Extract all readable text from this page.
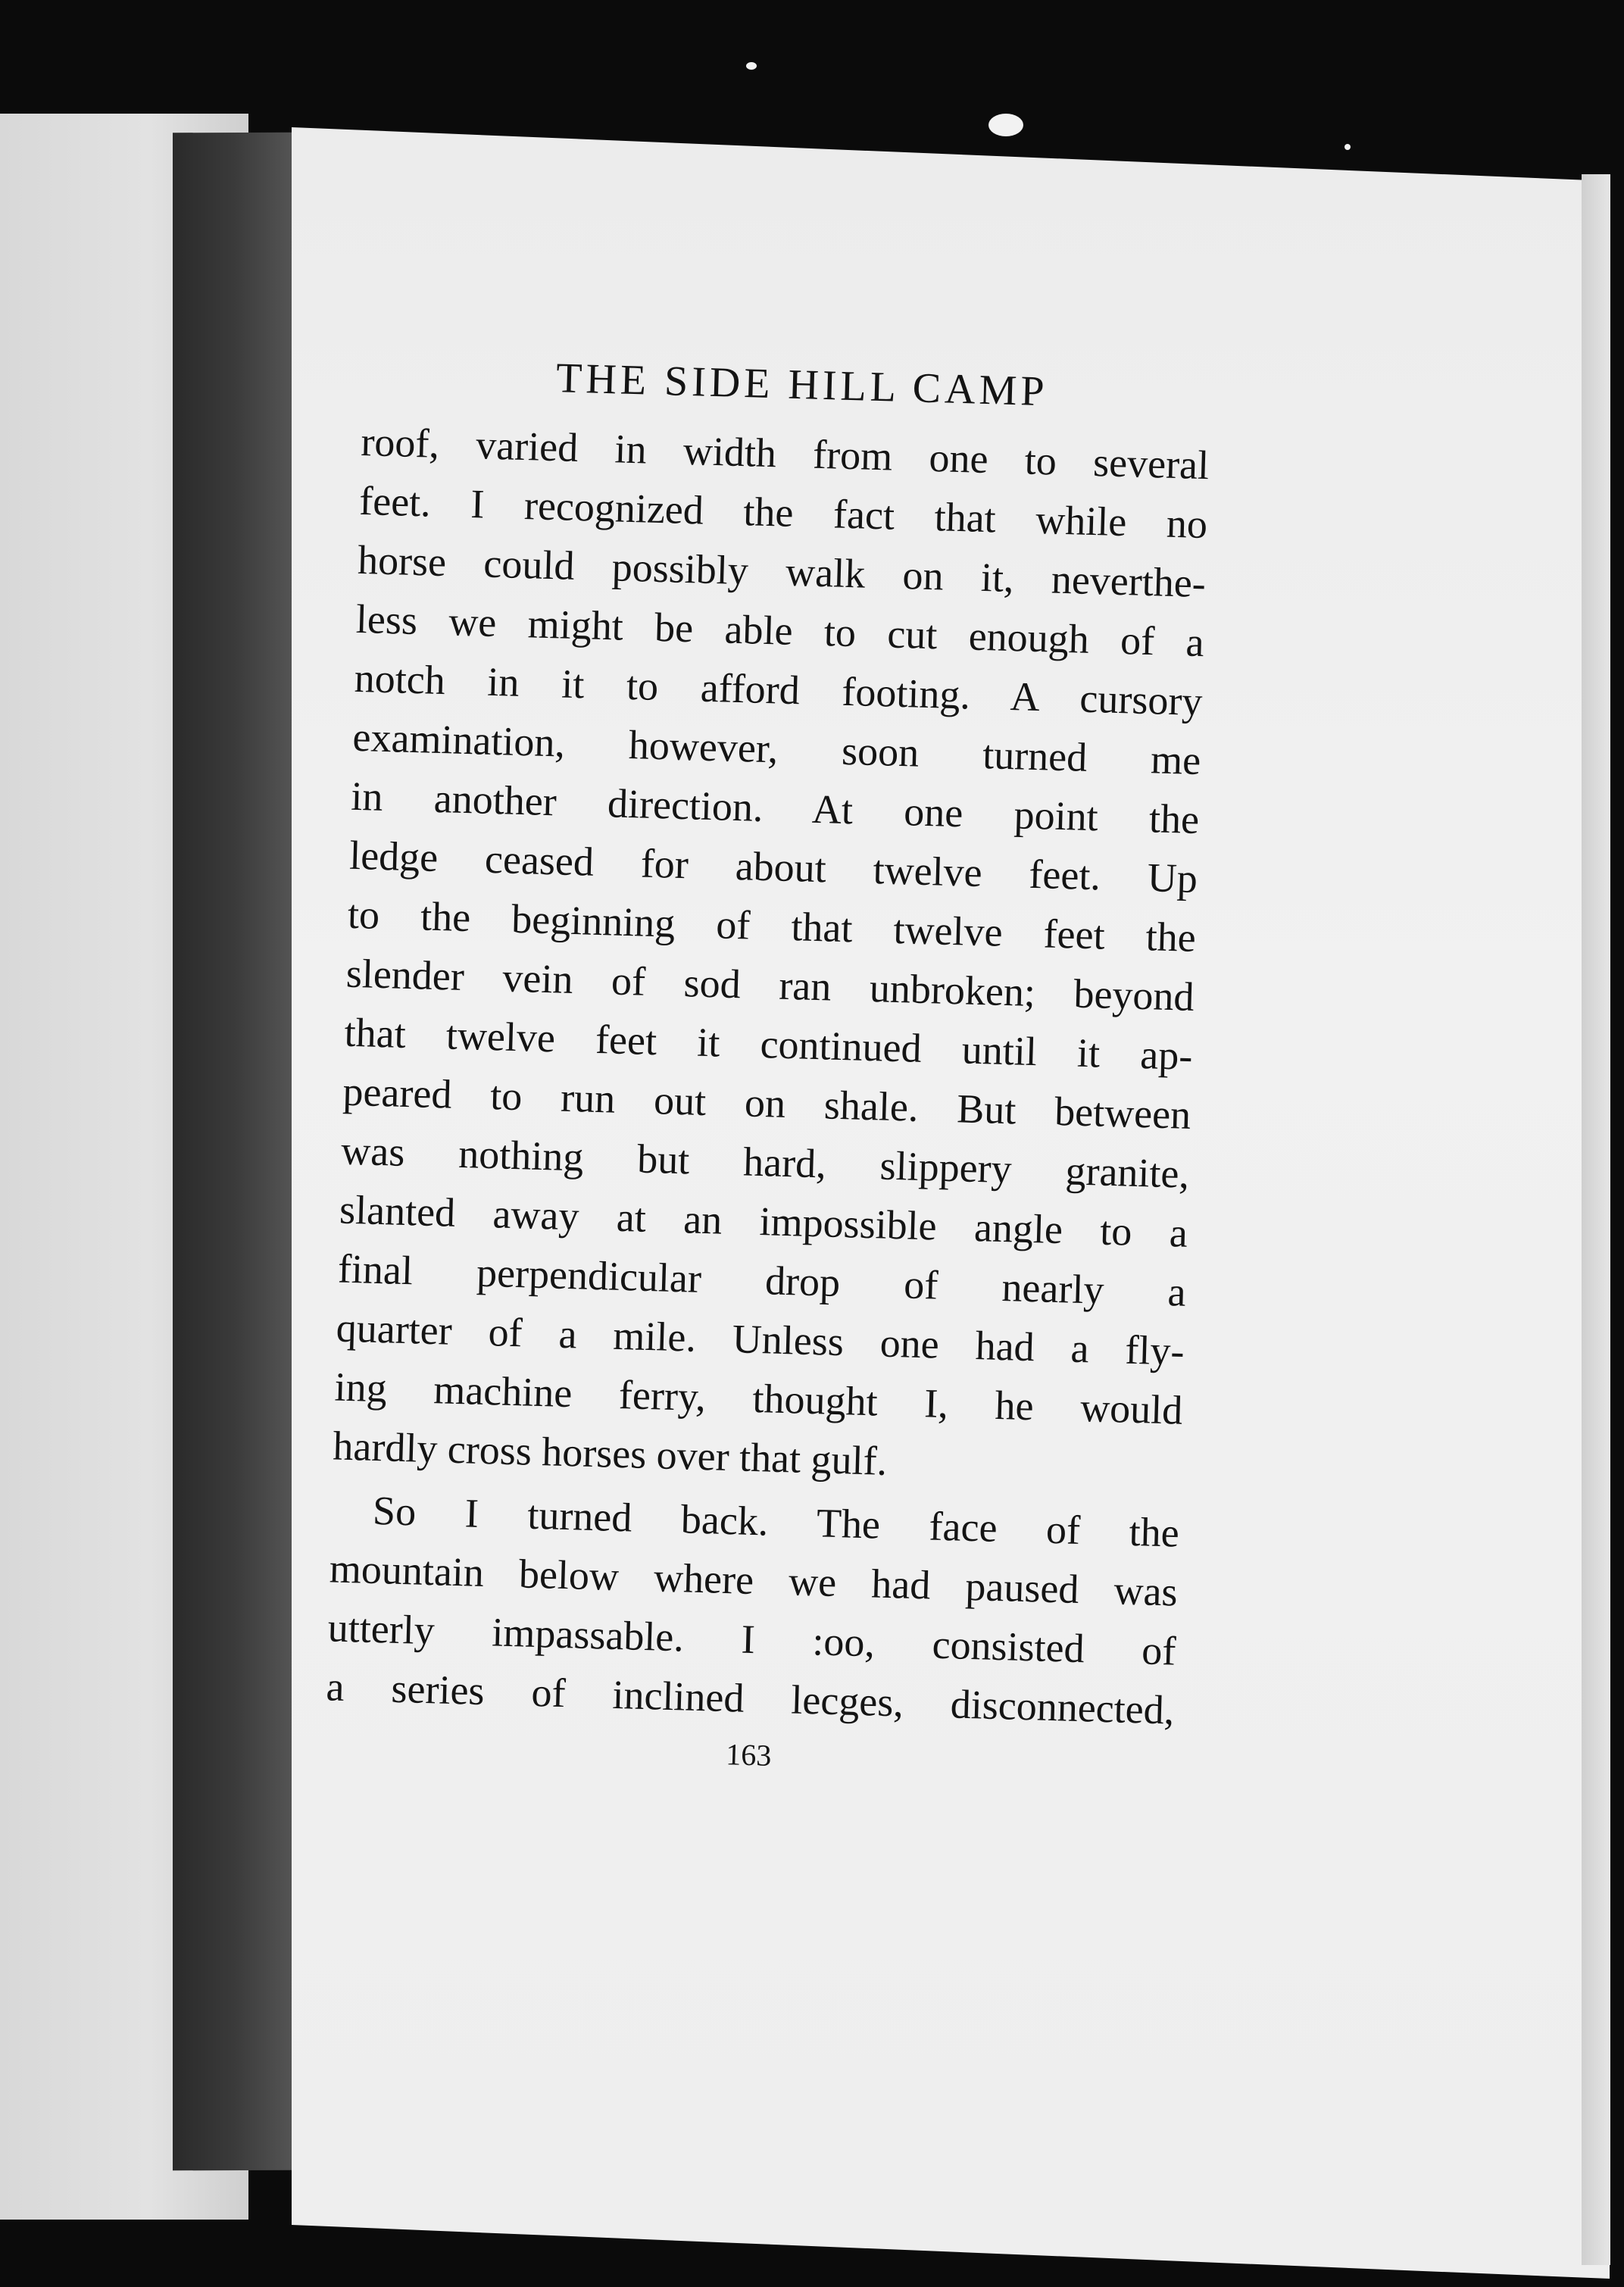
THE SIDE HILL CAMP
roof, varied in width from one to several
feet. I recognized the fact that while no
horse could possibly walk on it, neverthe-
less we might be able to cut enough of a
notch in it to afford footing. A cursory
examination, however, soon turned me
in another direction. At one point the
ledge ceased for about twelve feet. Up
to the beginning of that twelve feet the
slender vein of sod ran unbroken; beyond
that twelve feet it continued until it ap-
peared to run out on shale. But between
was nothing but hard, slippery granite,
slanted away at an impossible angle to a
final perpendicular drop of nearly a
quarter of a mile. Unless one had a fly-
ing machine ferry, thought I, he would
hardly cross horses over that gulf.
So I turned back. The face of the
mountain below where we had paused was
utterly impassable. I :oo, consisted of
a series of inclined lecges, disconnected,
163
